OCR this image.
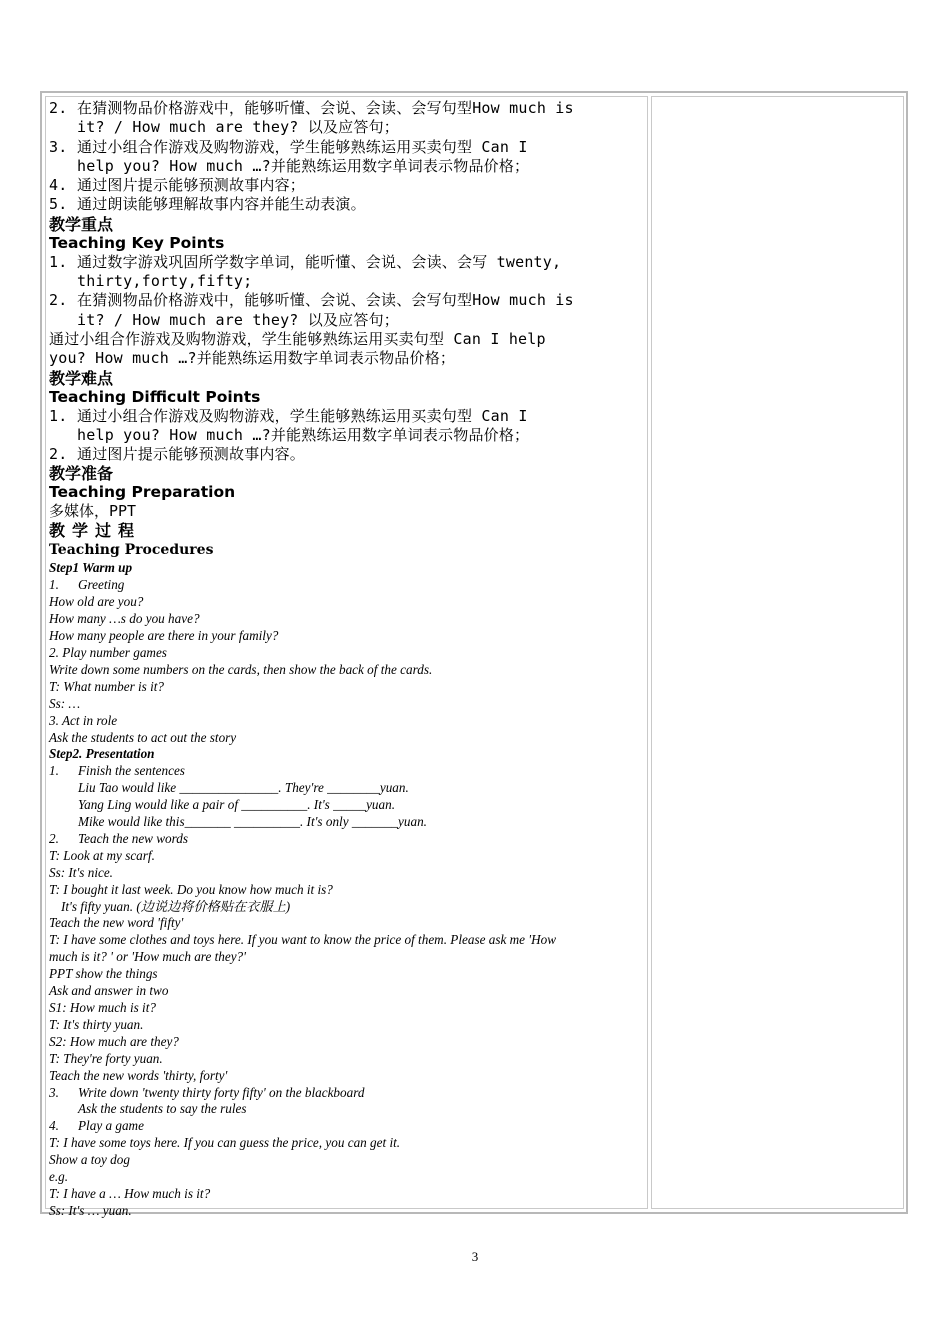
2. 在猜测物品价格游戏中，能够听懂、会说、会读、会写句型How much is
it? / How much are they? 以及应答句；
3. 通过小组合作游戏及购物游戏，学生能够熟练运用买卖句型 Can I
help you? How much …?并能熟练运用数字单词表示物品价格；
4. 通过图片提示能够预测故事内容；
5. 通过朗读能够理解故事内容并能生动表演。
教学重点
Teaching Key Points
1. 通过数字游戏巩固所学数字单词，能听懂、会说、会读、会写 twenty,
thirty,forty,fifty;
2. 在猜测物品价格游戏中，能够听懂、会说、会读、会写句型How much is
it? / How much are they? 以及应答句；
通过小组合作游戏及购物游戏，学生能够熟练运用买卖句型 Can I help
you? How much …?并能熟练运用数字单词表示物品价格；
教学难点
Teaching Difficult Points
1. 通过小组合作游戏及购物游戏，学生能够熟练运用买卖句型 Can I
help you? How much …?并能熟练运用数字单词表示物品价格；
2. 通过图片提示能够预测故事内容。
教学准备
Teaching Preparation
多媒体，PPT
教学过程
Teaching Procedures
Step1 Warm up
1. Greeting
How old are you?
How many …s do you have?
How many people are there in your family?
2. Play number games
Write down some numbers on the cards, then show the back of the cards.
T: What number is it?
Ss: …
3. Act in role
Ask the students to act out the story
Step2. Presentation
1. Finish the sentences
Liu Tao would like _______________. They're ________yuan.
Yang Ling would like a pair of __________. It's _____yuan.
Mike would like this_______ __________. It's only _______yuan.
2. Teach the new words
T: Look at my scarf.
Ss: It's nice.
T: I bought it last week. Do you know how much it is?
It's fifty yuan. (边说边将价格贴在衣服上)
Teach the new word 'fifty'
T: I have some clothes and toys here. If you want to know the price of them. Please ask me 'How
much is it? ' or 'How much are they?'
PPT show the things
Ask and answer in two
S1: How much is it?
T: It's thirty yuan.
S2: How much are they?
T: They're forty yuan.
Teach the new words 'thirty, forty'
3. Write down 'twenty thirty forty fifty' on the blackboard
Ask the students to say the rules
4. Play a game
T: I have some toys here. If you can guess the price, you can get it.
Show a toy dog
e.g.
T: I have a … How much is it?
Ss: It's … yuan.
3
